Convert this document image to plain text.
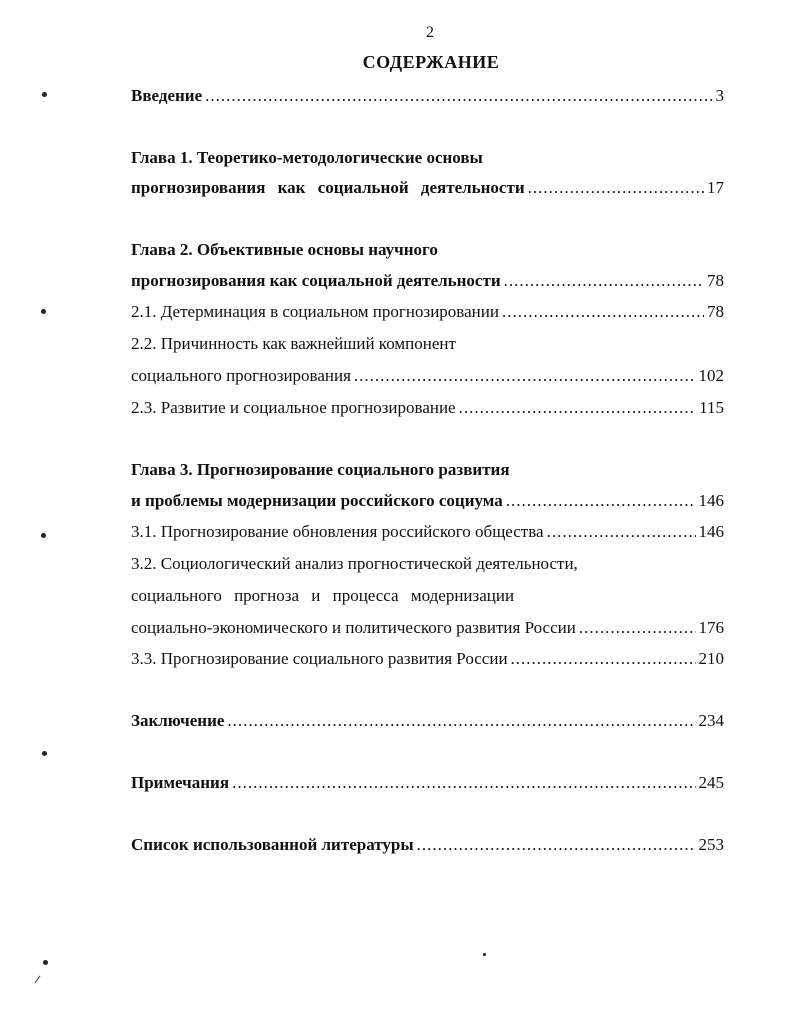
2
СОДЕРЖАНИЕ
Введение .....	3
Глава 1. Теоретико-методологические основы
прогнозирования как социальной деятельности .....	17
Глава 2. Объективные основы научного
прогнозирования как социальной деятельности .....	78
2.1. Детерминация в социальном прогнозировании .....	78
2.2. Причинность как важнейший компонент
социального прогнозирования .....	102
2.3. Развитие и социальное прогнозирование .....	115
Глава 3. Прогнозирование социального развития
и проблемы модернизации российского социума .....	146
3.1. Прогнозирование обновления российского общества .....	146
3.2. Социологический анализ прогностической деятельности,
социального прогноза и процесса модернизации
социально-экономического и политического развития России .....	176
3.3. Прогнозирование социального развития России .....	210
Заключение .....	234
Примечания .....	245
Список использованной литературы .....	253
